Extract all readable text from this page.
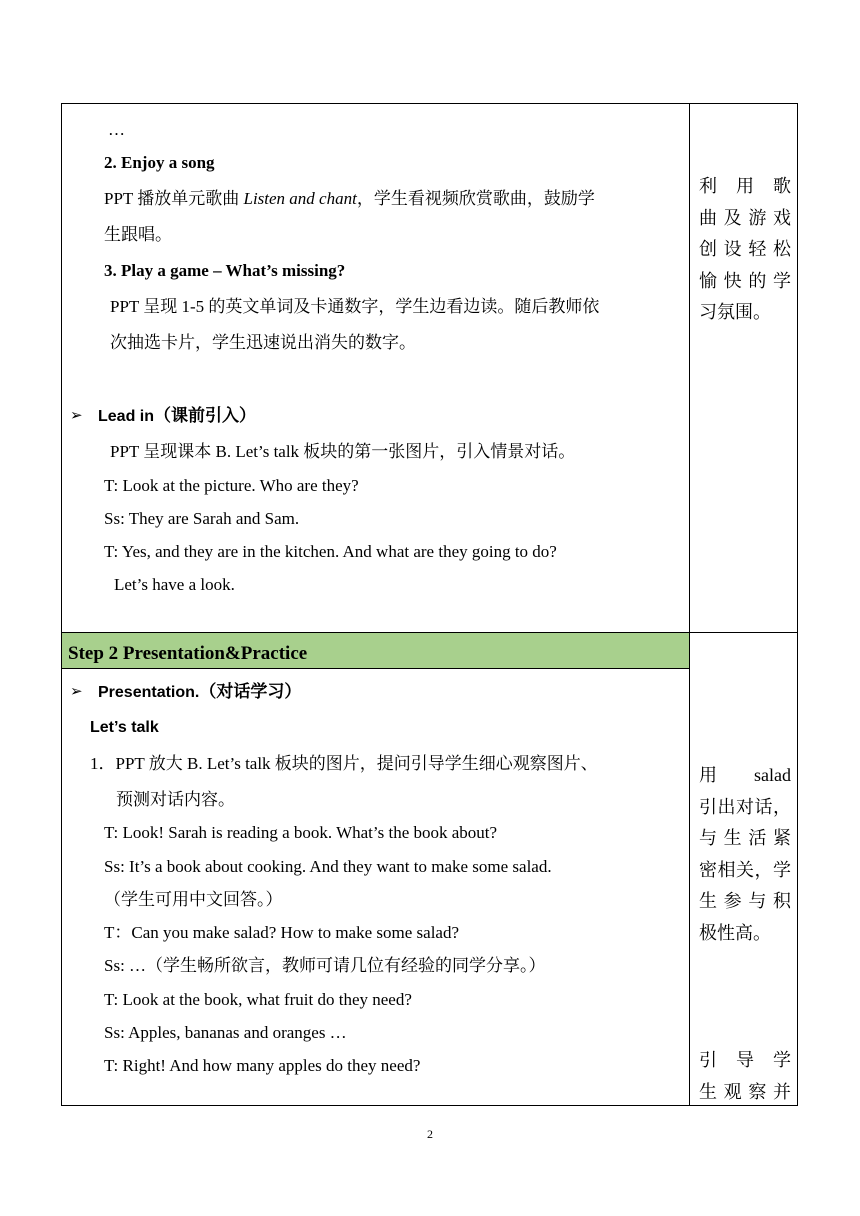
…
2. Enjoy a song
PPT 播放单元歌曲 Listen and chant，学生看视频欣赏歌曲，鼓励学
生跟唱。
3. Play a game – What’s missing?
PPT 呈现 1-5 的英文单词及卡通数字，学生边看边读。随后教师依
次抽选卡片，学生迅速说出消失的数字。
➢ Lead in（课前引入）
PPT 呈现课本 B. Let’s talk 板块的第一张图片，引入情景对话。
T: Look at the picture. Who are they?
Ss: They are Sarah and Sam.
T: Yes, and they are in the kitchen. And what are they going to do?
Let’s have a look.
利 用 歌
曲 及 游 戏
创 设 轻 松
愉 快 的 学
习氛围。
Step 2 Presentation&Practice
➢ Presentation.（对话学习）
Let’s talk
1．PPT 放大 B. Let’s talk 板块的图片，提问引导学生细心观察图片、
预测对话内容。
T: Look! Sarah is reading a book. What’s the book about?
Ss: It’s a book about cooking. And they want to make some salad.
（学生可用中文回答。）
T：Can you make salad? How to make some salad?
Ss: …（学生畅所欲言，教师可请几位有经验的同学分享。）
T: Look at the book, what fruit do they need?
Ss: Apples, bananas and oranges …
T: Right! And how many apples do they need?
用 salad
引出对话，
与 生 活 紧
密相关，学
生 参 与 积
极性高。
引 导 学
生 观 察 并
2
